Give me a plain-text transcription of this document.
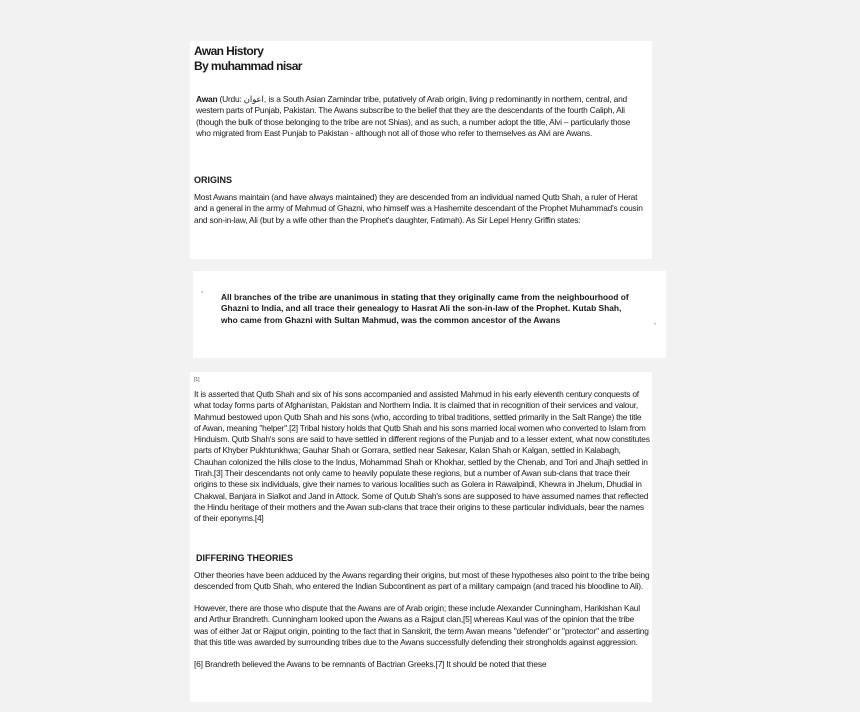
Awan History
By muhammad nisar

Awan (Urdu: اعوان, is a South Asian Zamindar tribe, putatively of Arab origin, living p redominantly in northern, central, and western parts of Punjab, Pakistan. The Awans subscribe to the belief that they are the descendants of the fourth Caliph, Ali (though the bulk of those belonging to the tribe are not Shias), and as such, a number adopt the title, Alvi – particularly those who migrated from East Punjab to Pakistan - although not all of those who refer to themselves as Alvi are Awans.

ORIGINS

Most Awans maintain (and have always maintained) they are descended from an individual named Qutb Shah, a ruler of Herat and a general in the army of Mahmud of Ghazni, who himself was a Hashemite descendant of the Prophet Muhammad's cousin and son-in-law, Ali (but by a wife other than the Prophet's daughter, Fatimah). As Sir Lepel Henry Griffin states:

“ All branches of the tribe are unanimous in stating that they originally came from the neighbourhood of Ghazni to India, and all trace their genealogy to Hasrat Ali the son-in-law of the Prophet. Kutab Shah, who came from Ghazni with Sultan Mahmud, was the common ancestor of the Awans

”
[1]

It is asserted that Qutb Shah and six of his sons accompanied and assisted Mahmud in his early eleventh century conquests of what today forms parts of Afghanistan, Pakistan and Northern India. It is claimed that in recognition of their services and valour, Mahmud bestowed upon Qutb Shah and his sons (who, according to tribal traditions, settled primarily in the Salt Range) the title of Awan, meaning "helper".[2] Tribal history holds that Qutb Shah and his sons married local women who converted to Islam from Hinduism. Qutb Shah's sons are said to have settled in different regions of the Punjab and to a lesser extent, what now constitutes parts of Khyber Pukhtunkhwa; Gauhar Shah or Gorrara, settled near Sakesar, Kalan Shah or Kalgan, settled in Kalabagh, Chauhan colonized the hills close to the Indus, Mohammad Shah or Khokhar, settled by the Chenab, and Tori and Jhajh settled in Tirah.[3] Their descendants not only came to heavily populate these regions, but a number of Awan sub-clans that trace their origins to these six individuals, give their names to various localities such as Golera in Rawalpindi, Khewra in Jhelum, Dhudial in Chakwal, Banjara in Sialkot and Jand in Attock. Some of Qutub Shah's sons are supposed to have assumed names that reflected the Hindu heritage of their mothers and the Awan sub-clans that trace their origins to these particular individuals, bear the names of their eponyms.[4]

DIFFERING THEORIES

Other theories have been adduced by the Awans regarding their origins, but most of these hypotheses also point to the tribe being descended from Qutb Shah, who entered the Indian Subcontinent as part of a military campaign (and traced his bloodline to Ali).

However, there are those who dispute that the Awans are of Arab origin; these include Alexander Cunningham, Harikishan Kaul and Arthur Brandreth. Cunningham looked upon the Awans as a Rajput clan,[5] whereas Kaul was of the opinion that the tribe was of either Jat or Rajput origin, pointing to the fact that in Sanskrit, the term Awan means "defender" or "protector" and asserting that this title was awarded by surrounding tribes due to the Awans successfully defending their strongholds against aggression.

[6] Brandreth believed the Awans to be remnants of Bactrian Greeks.[7] It should be noted that these
